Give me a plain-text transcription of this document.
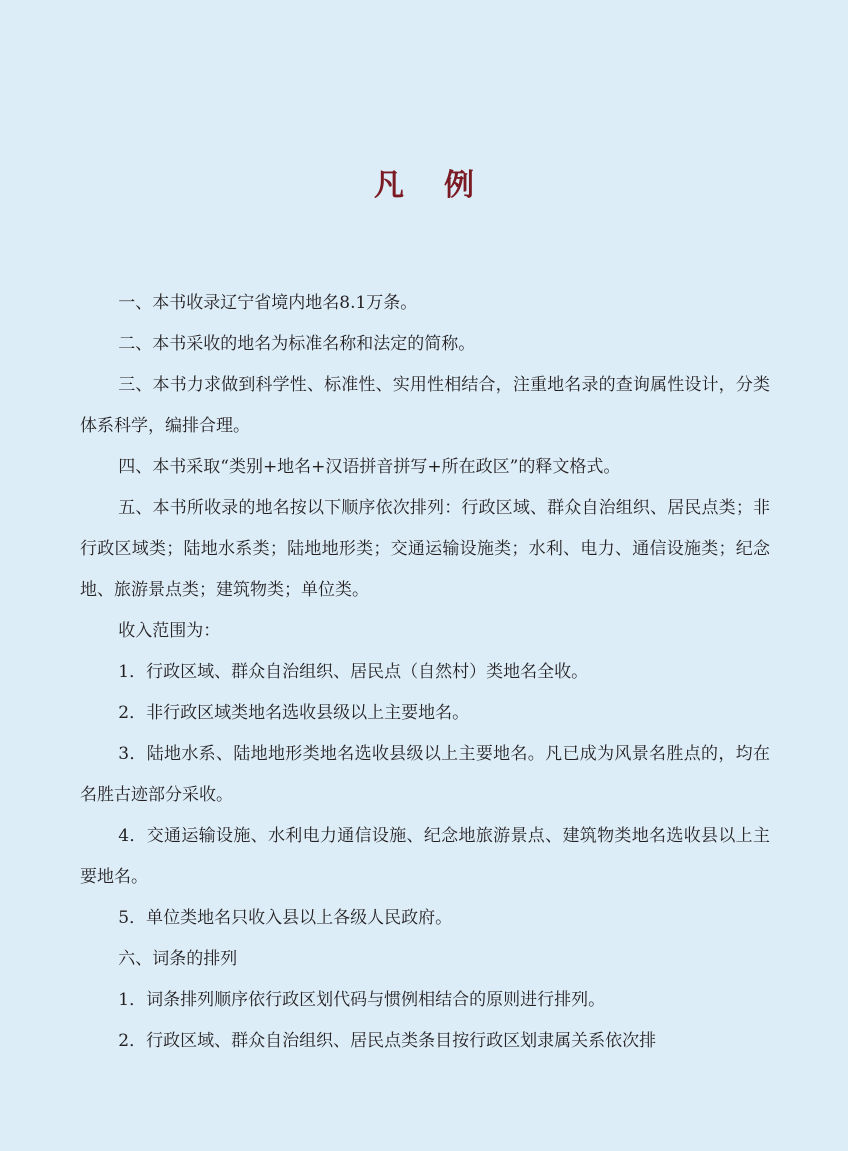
凡 例

一、本书收录辽宁省境内地名8.1万条。

二、本书采收的地名为标准名称和法定的简称。

三、本书力求做到科学性、标准性、实用性相结合，注重地名录的查询属性设计，分类体系科学，编排合理。

四、本书采取“类别+地名+汉语拼音拼写+所在政区”的释文格式。

五、本书所收录的地名按以下顺序依次排列：行政区域、群众自治组织、居民点类；非行政区域类；陆地水系类；陆地地形类；交通运输设施类；水利、电力、通信设施类；纪念地、旅游景点类；建筑物类；单位类。

收入范围为：

1．行政区域、群众自治组织、居民点（自然村）类地名全收。

2．非行政区域类地名选收县级以上主要地名。

3．陆地水系、陆地地形类地名选收县级以上主要地名。凡已成为风景名胜点的，均在名胜古迹部分采收。

4．交通运输设施、水利电力通信设施、纪念地旅游景点、建筑物类地名选收县以上主要地名。

5．单位类地名只收入县以上各级人民政府。

六、词条的排列

1．词条排列顺序依行政区划代码与惯例相结合的原则进行排列。

2．行政区域、群众自治组织、居民点类条目按行政区划隶属关系依次排
